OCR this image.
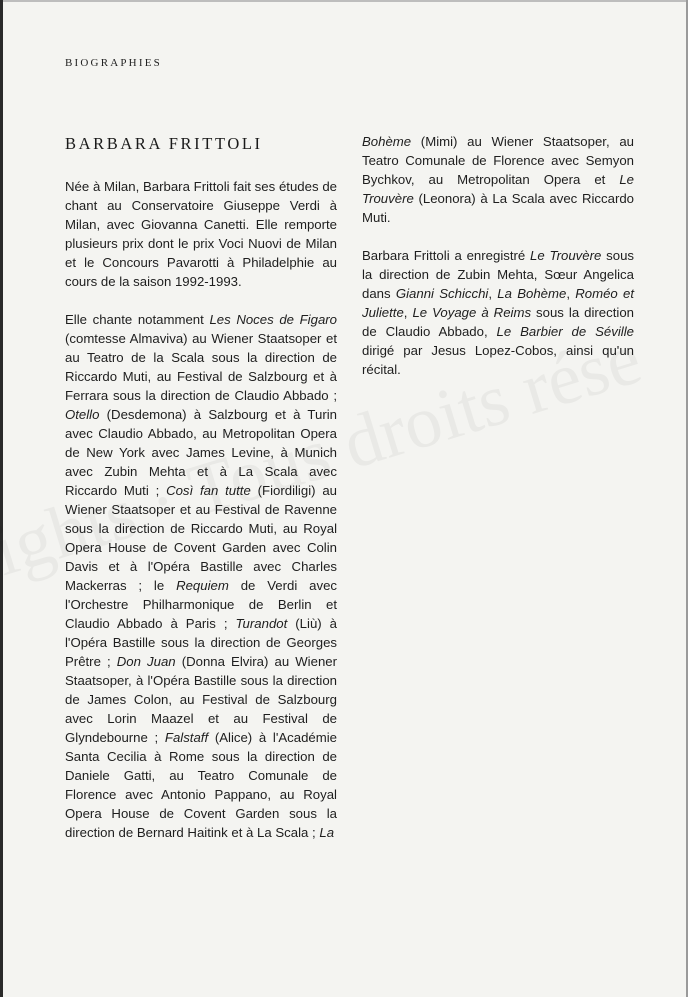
BIOGRAPHIES
BARBARA FRITTOLI

Née à Milan, Barbara Frittoli fait ses études de chant au Conservatoire Giuseppe Verdi à Milan, avec Giovanna Canetti. Elle remporte plusieurs prix dont le prix Voci Nuovi de Milan et le Concours Pavarotti à Philadelphie au cours de la saison 1992-1993.

Elle chante notamment Les Noces de Figaro (comtesse Almaviva) au Wiener Staatsoper et au Teatro de la Scala sous la direction de Riccardo Muti, au Festival de Salzbourg et à Ferrara sous la direction de Claudio Abbado ; Otello (Desdemona) à Salzbourg et à Turin avec Claudio Abbado, au Metropolitan Opera de New York avec James Levine, à Munich avec Zubin Mehta et à La Scala avec Riccardo Muti ; Così fan tutte (Fiordiligi) au Wiener Staatsoper et au Festival de Ravenne sous la direction de Riccardo Muti, au Royal Opera House de Covent Garden avec Colin Davis et à l'Opéra Bastille avec Charles Mackerras ; le Requiem de Verdi avec l'Orchestre Philharmonique de Berlin et Claudio Abbado à Paris ; Turandot (Liù) à l'Opéra Bastille sous la direction de Georges Prêtre ; Don Juan (Donna Elvira) au Wiener Staatsoper, à l'Opéra Bastille sous la direction de James Colon, au Festival de Salzbourg avec Lorin Maazel et au Festival de Glyndebourne ; Falstaff (Alice) à l'Académie Santa Cecilia à Rome sous la direction de Daniele Gatti, au Teatro Comunale de Florence avec Antonio Pappano, au Royal Opera House de Covent Garden sous la direction de Bernard Haitink et à La Scala ; La

Bohème (Mimi) au Wiener Staatsoper, au Teatro Comunale de Florence avec Semyon Bychkov, au Metropolitan Opera et Le Trouvère (Leonora) à La Scala avec Riccardo Muti.

Barbara Frittoli a enregistré Le Trouvère sous la direction de Zubin Mehta, Sœur Angelica dans Gianni Schicchi, La Bohème, Roméo et Juliette, Le Voyage à Reims sous la direction de Claudio Abbado, Le Barbier de Séville dirigé par Jesus Lopez-Cobos, ainsi qu'un récital.
